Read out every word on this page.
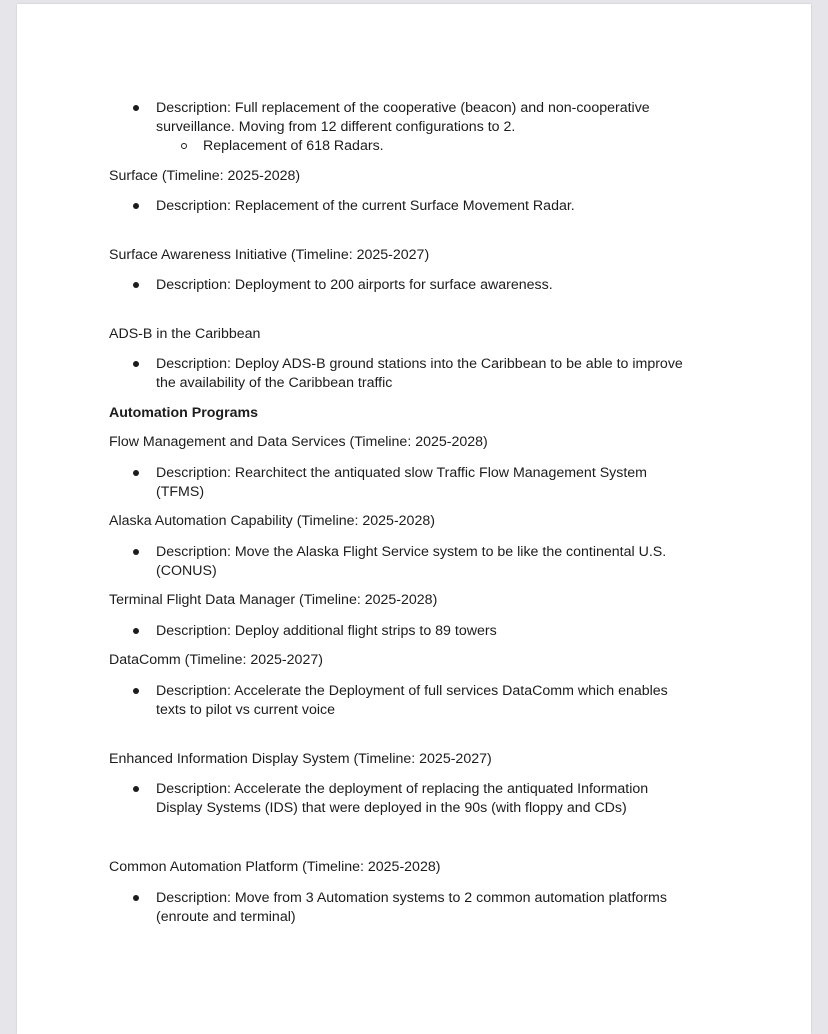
Description: Full replacement of the cooperative (beacon) and non-cooperative
surveillance. Moving from 12 different configurations to 2.
Replacement of 618 Radars.
Surface (Timeline: 2025-2028)
Description: Replacement of the current Surface Movement Radar.
Surface Awareness Initiative (Timeline: 2025-2027)
Description: Deployment to 200 airports for surface awareness.
ADS-B in the Caribbean
Description: Deploy ADS-B ground stations into the Caribbean to be able to improve
the availability of the Caribbean traffic
Automation Programs
Flow Management and Data Services (Timeline: 2025-2028)
Description: Rearchitect the antiquated slow Traffic Flow Management System
(TFMS)
Alaska Automation Capability (Timeline: 2025-2028)
Description: Move the Alaska Flight Service system to be like the continental U.S.
(CONUS)
Terminal Flight Data Manager (Timeline: 2025-2028)
Description: Deploy additional flight strips to 89 towers
DataComm (Timeline: 2025-2027)
Description: Accelerate the Deployment of full services DataComm which enables
texts to pilot vs current voice
Enhanced Information Display System (Timeline: 2025-2027)
Description: Accelerate the deployment of replacing the antiquated Information
Display Systems (IDS) that were deployed in the 90s (with floppy and CDs)
Common Automation Platform (Timeline: 2025-2028)
Description: Move from 3 Automation systems to 2 common automation platforms
(enroute and terminal)
